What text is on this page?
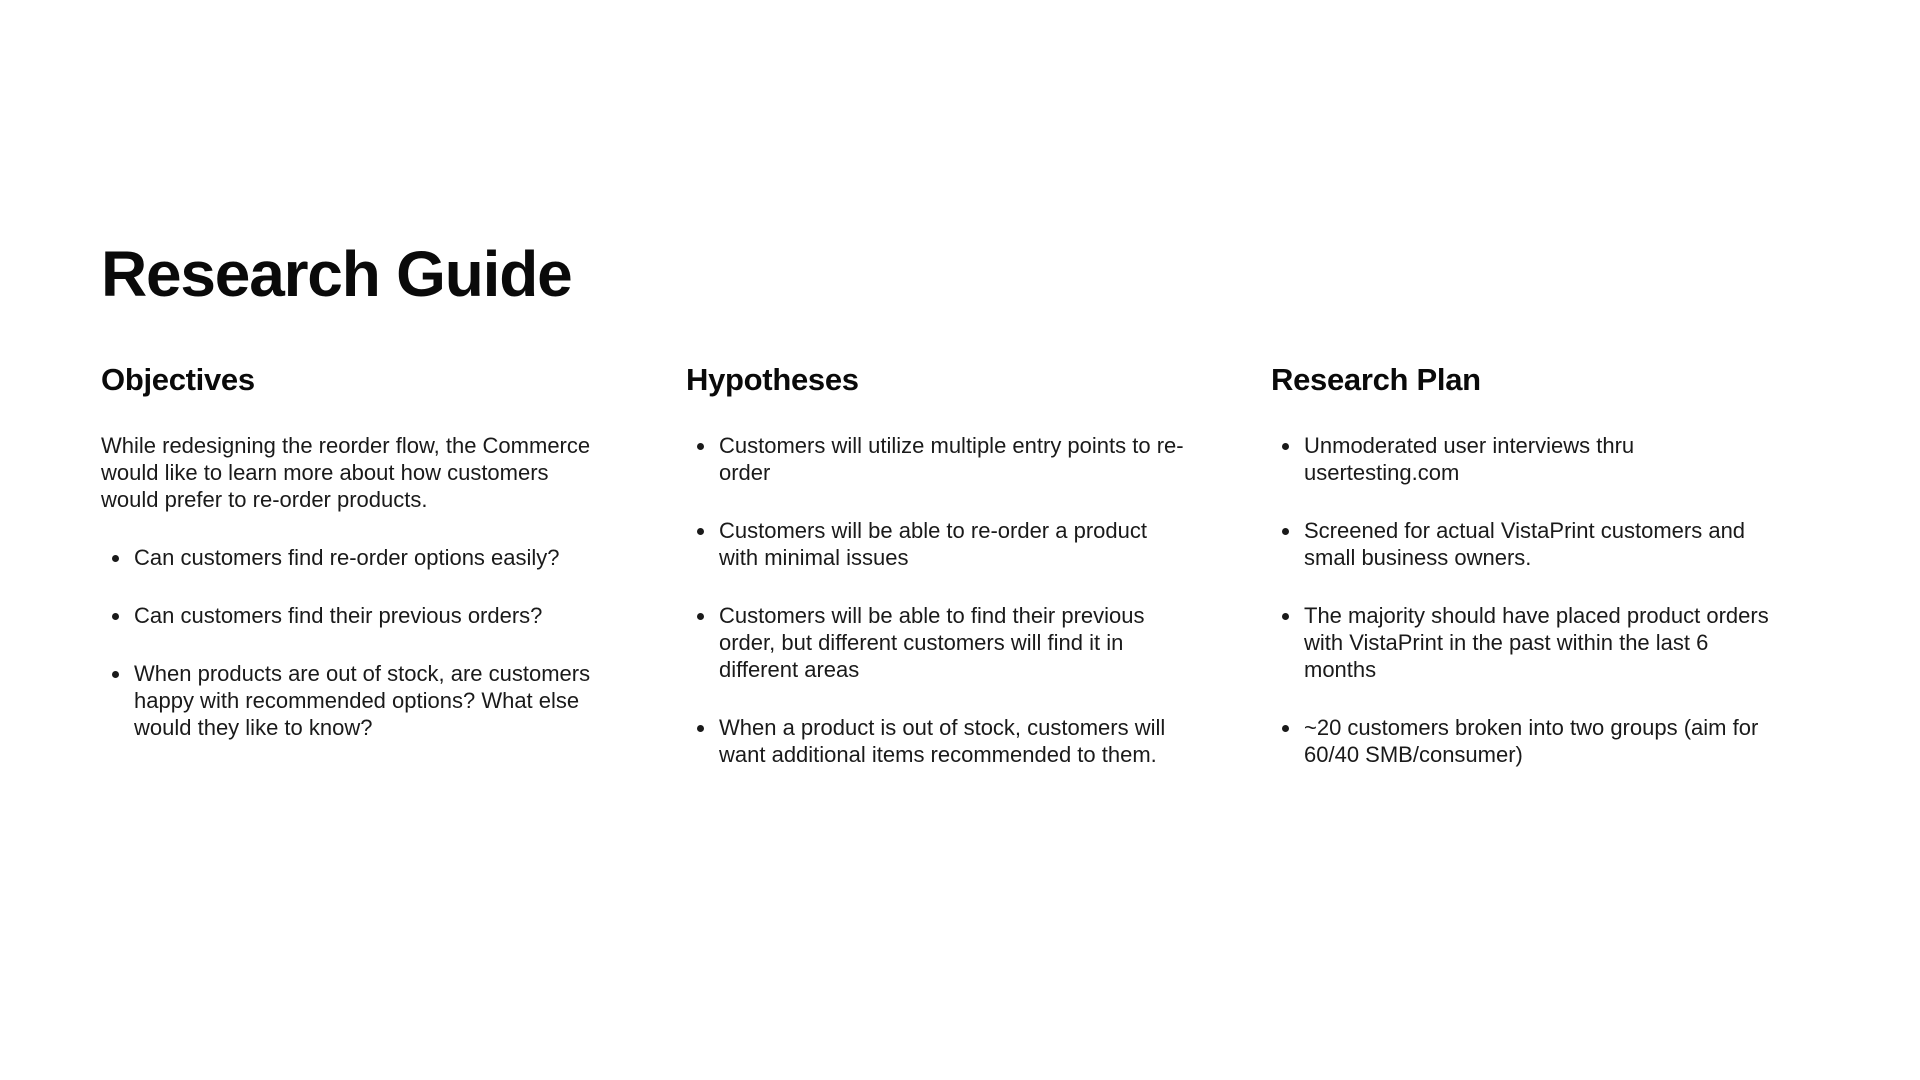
Research Guide
Objectives

While redesigning the reorder flow, the Commerce would like to learn more about how customers would prefer to re-order products.

Can customers find re-order options easily?
Can customers find their previous orders?
When products are out of stock, are customers happy with recommended options? What else would they like to know?
Hypotheses
Customers will utilize multiple entry points to re-order
Customers will be able to re-order a product with minimal issues
Customers will be able to find their previous order, but different customers will find it in different areas
When a product is out of stock, customers will want additional items recommended to them.
Research Plan
Unmoderated user interviews thru usertesting.com
Screened for actual VistaPrint customers and small business owners.
The majority should have placed product orders with VistaPrint in the past within the last 6 months
~20 customers broken into two groups (aim for 60/40 SMB/consumer)
